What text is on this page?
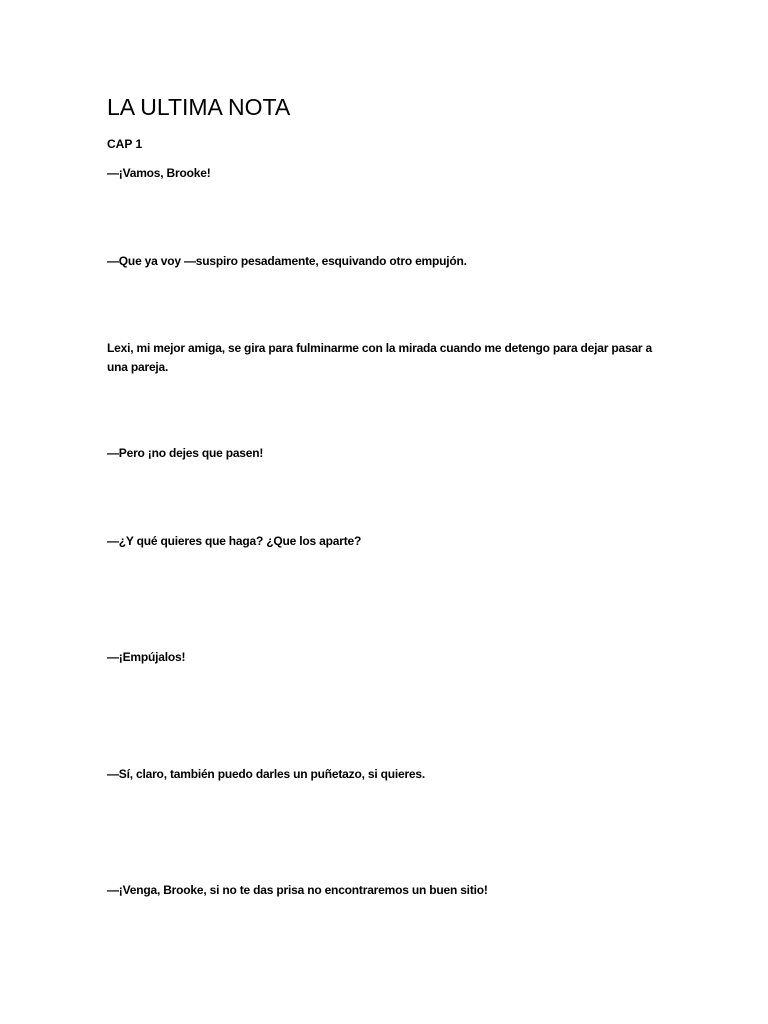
LA ULTIMA NOTA

CAP 1

—¡Vamos, Brooke!

—Que ya voy —suspiro pesadamente, esquivando otro empujón.

Lexi, mi mejor amiga, se gira para fulminarme con la mirada cuando me detengo para dejar pasar a una pareja.

—Pero ¡no dejes que pasen!

—¿Y qué quieres que haga? ¿Que los aparte?

—¡Empújalos!

—Sí, claro, también puedo darles un puñetazo, si quieres.

—¡Venga, Brooke, si no te das prisa no encontraremos un buen sitio!
